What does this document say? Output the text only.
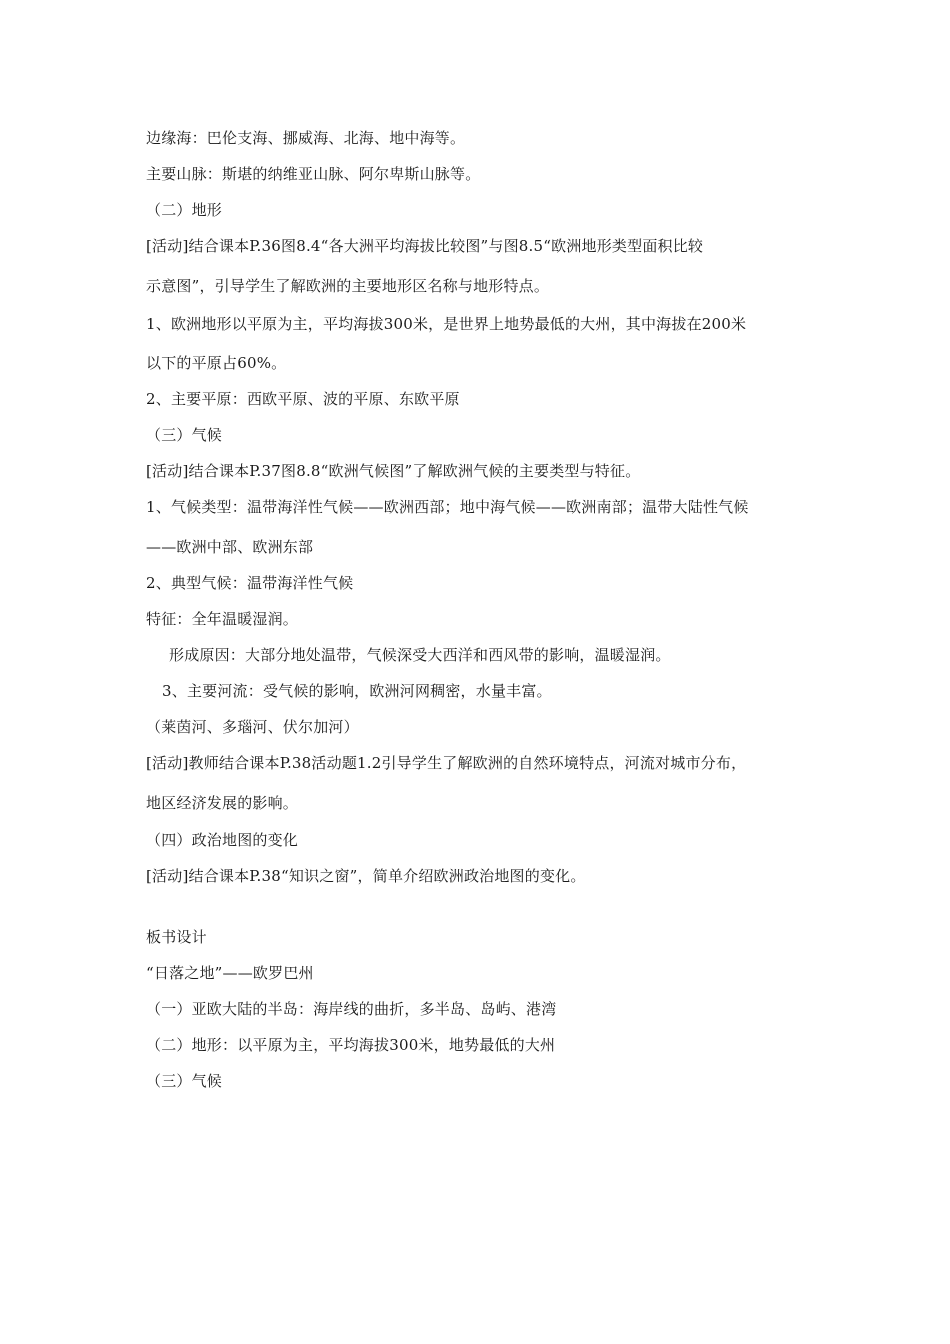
边缘海：巴伦支海、挪威海、北海、地中海等。
主要山脉：斯堪的纳维亚山脉、阿尔卑斯山脉等。
（二）地形
[活动]结合课本P.36图8.4“各大洲平均海拔比较图”与图8.5“欧洲地形类型面积比较
示意图”，引导学生了解欧洲的主要地形区名称与地形特点。
1、欧洲地形以平原为主，平均海拔300米，是世界上地势最低的大州，其中海拔在200米
以下的平原占60%。
2、主要平原：西欧平原、波的平原、东欧平原
（三）气候
[活动]结合课本P.37图8.8“欧洲气候图”了解欧洲气候的主要类型与特征。
1、气候类型：温带海洋性气候——欧洲西部；地中海气候——欧洲南部；温带大陆性气候
——欧洲中部、欧洲东部
2、典型气候：温带海洋性气候
特征：全年温暖湿润。
形成原因：大部分地处温带，气候深受大西洋和西风带的影响，温暖湿润。
3、主要河流：受气候的影响，欧洲河网稠密，水量丰富。
（莱茵河、多瑙河、伏尔加河）
[活动]教师结合课本P.38活动题1.2引导学生了解欧洲的自然环境特点，河流对城市分布，
地区经济发展的影响。
（四）政治地图的变化
[活动]结合课本P.38“知识之窗”，简单介绍欧洲政治地图的变化。
板书设计
“日落之地”——欧罗巴州
（一）亚欧大陆的半岛：海岸线的曲折，多半岛、岛屿、港湾
（二）地形：以平原为主，平均海拔300米，地势最低的大州
（三）气候
